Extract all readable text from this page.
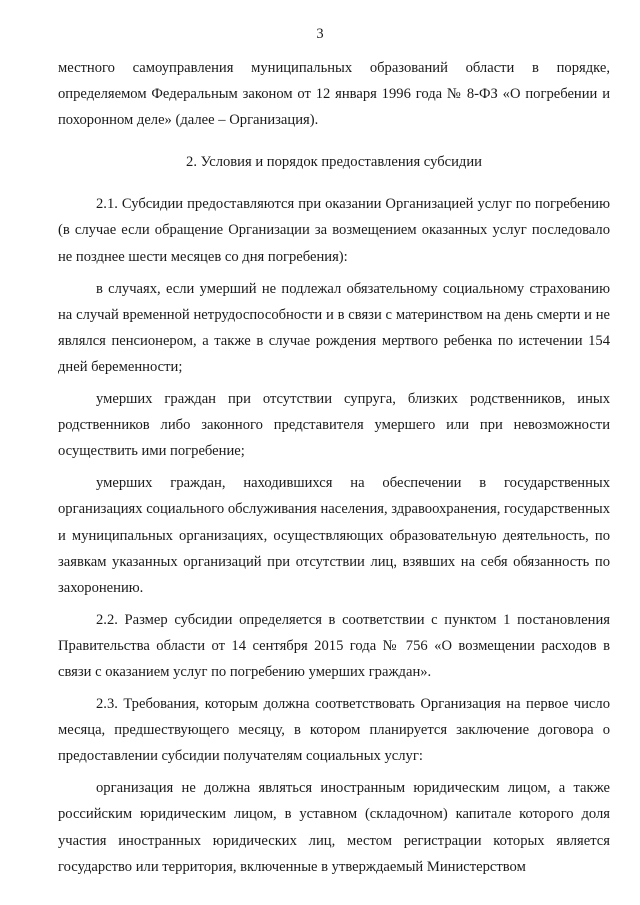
3

местного самоуправления муниципальных образований области в порядке, определяемом Федеральным законом от 12 января 1996 года № 8-ФЗ «О погребении и похоронном деле» (далее – Организация).

2. Условия и порядок предоставления субсидии

2.1. Субсидии предоставляются при оказании Организацией услуг по погребению (в случае если обращение Организации за возмещением оказанных услуг последовало не позднее шести месяцев со дня погребения):

в случаях, если умерший не подлежал обязательному социальному страхованию на случай временной нетрудоспособности и в связи с материнством на день смерти и не являлся пенсионером, а также в случае рождения мертвого ребенка по истечении 154 дней беременности;

умерших граждан при отсутствии супруга, близких родственников, иных родственников либо законного представителя умершего или при невозможности осуществить ими погребение;

умерших граждан, находившихся на обеспечении в государственных организациях социального обслуживания населения, здравоохранения, государственных и муниципальных организациях, осуществляющих образовательную деятельность, по заявкам указанных организаций при отсутствии лиц, взявших на себя обязанность по захоронению.

2.2. Размер субсидии определяется в соответствии с пунктом 1 постановления Правительства области от 14 сентября 2015 года № 756 «О возмещении расходов в связи с оказанием услуг по погребению умерших граждан».

2.3. Требования, которым должна соответствовать Организация на первое число месяца, предшествующего месяцу, в котором планируется заключение договора о предоставлении субсидии получателям социальных услуг:

организация не должна являться иностранным юридическим лицом, а также российским юридическим лицом, в уставном (складочном) капитале которого доля участия иностранных юридических лиц, местом регистрации которых является государство или территория, включенные в утверждаемый Министерством
